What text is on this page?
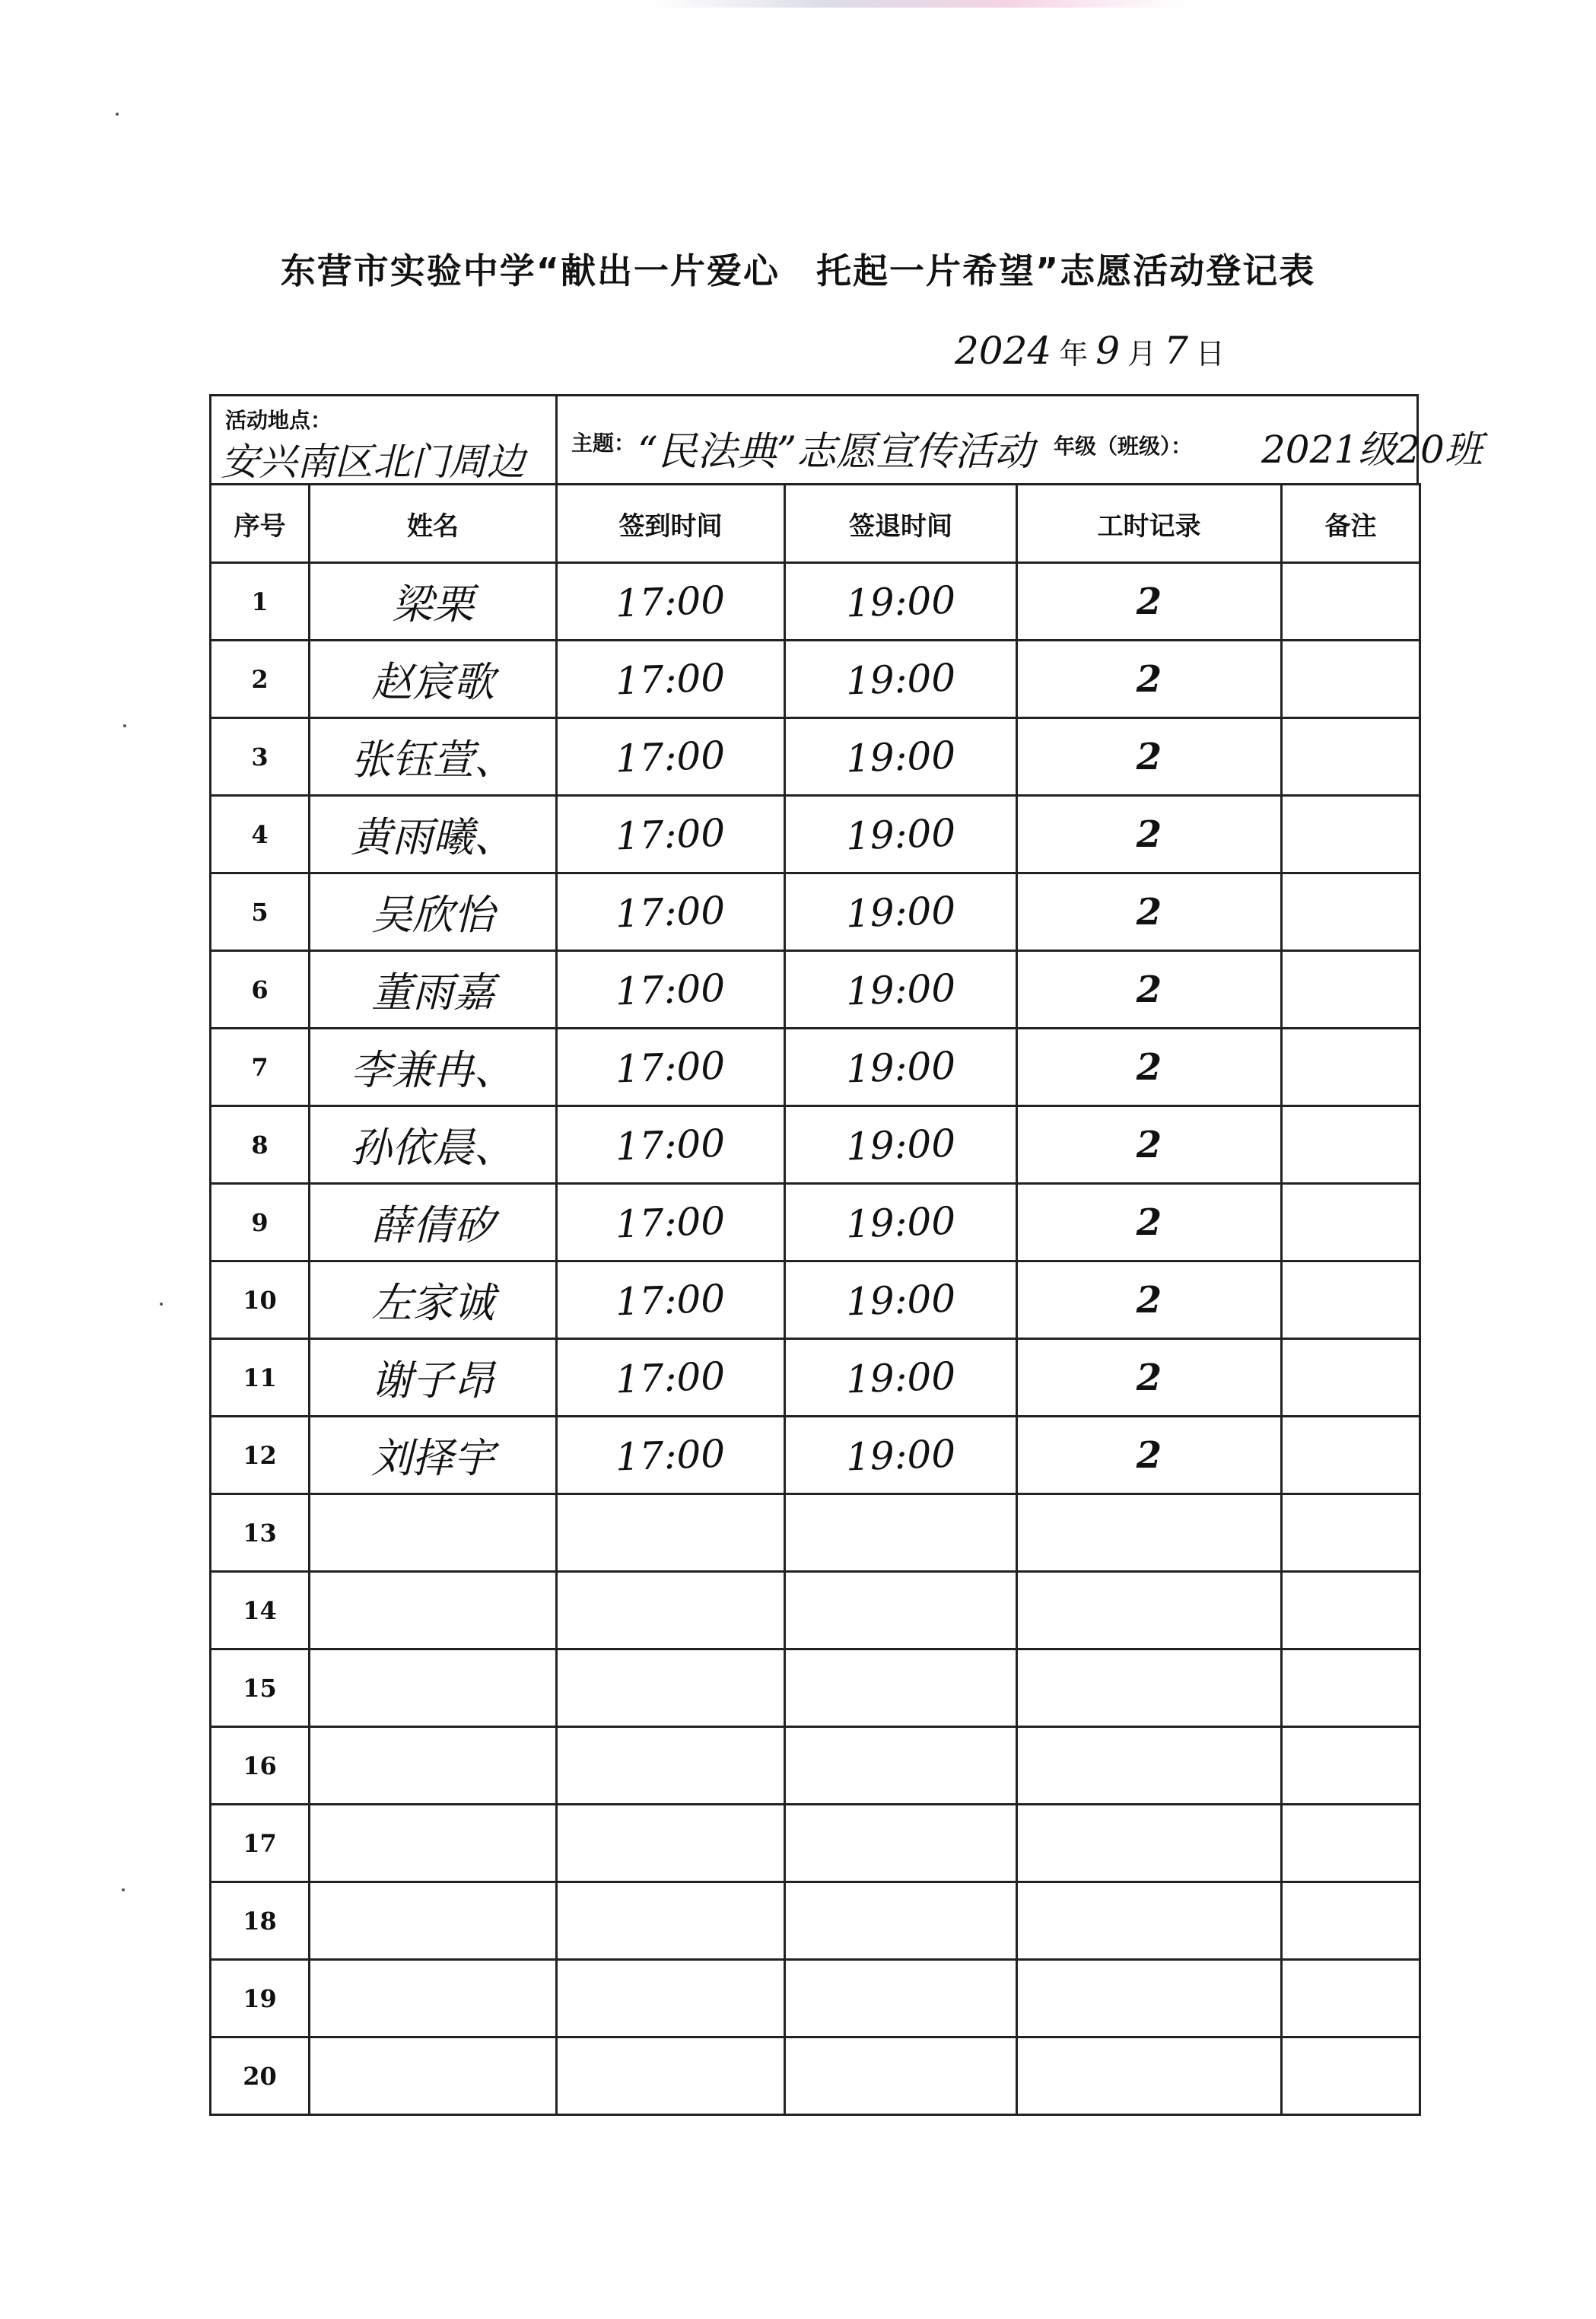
东营市实验中学“献出一片爱心　托起一片希望”志愿活动登记表
2024 年 9 月 7 日
活动地点：
安兴南区北门周边 主题： “民法典”志愿宣传活动 年级（班级）： 2021级20班
序号	姓名	签到时间	签退时间	工时记录	备注
1	梁栗	17:00	19:00	2	
2	赵宸歌	17:00	19:00	2	
3	张钰萱、	17:00	19:00	2	
4	黄雨曦、	17:00	19:00	2	
5	吴欣怡	17:00	19:00	2	
6	董雨嘉	17:00	19:00	2	
7	李兼冉、	17:00	19:00	2	
8	孙依晨、	17:00	19:00	2	
9	薛倩矽	17:00	19:00	2	
10	左家诚	17:00	19:00	2	
11	谢子昂	17:00	19:00	2	
12	刘择宇	17:00	19:00	2	
13					
14					
15					
16					
17					
18					
19					
20					
